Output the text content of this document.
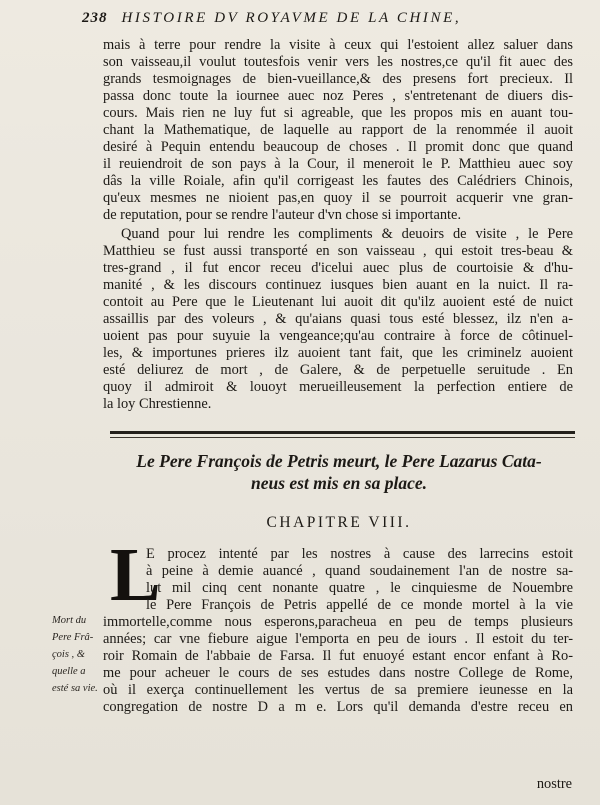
238 HISTOIRE DV ROYAVME DE LA CHINE,
mais à terre pour rendre la visite à ceux qui l'estoient allez saluer dans
son vaisseau,il voulut toutesfois venir vers les nostres,ce qu'il fit auec des
grands tesmoignages de bien-vueillance,& des presens fort precieux. Il
passa donc toute la iournee auec noz Peres , s'entretenant de diuers dis-
cours. Mais rien ne luy fut si agreable, que les propos mis en auant tou-
chant la Mathematique, de laquelle au rapport de la renommée il auoit
desiré à Pequin entendu beaucoup de choses . Il promit donc que quand
il reuiendroit de son pays à la Cour, il meneroit le P. Matthieu auec soy
dâs la ville Roiale, afin qu'il corrigeast les fautes des Calédriers Chinois,
qu'eux mesmes ne nioient pas,en quoy il se pourroit acquerir vne gran-
de reputation, pour se rendre l'auteur d'vn chose si importante.
Quand pour lui rendre les compliments & deuoirs de visite , le Pere
Matthieu se fust aussi transporté en son vaisseau , qui estoit tres-beau &
tres-grand , il fut encor receu d'icelui auec plus de courtoisie & d'hu-
manité , & les discours continuez iusques bien auant en la nuict. Il ra-
contoit au Pere que le Lieutenant lui auoit dit qu'ilz auoient esté de nuict
assaillis par des voleurs , & qu'aians quasi tous esté blessez, ilz n'en a-
uoient pas pour suyuie la vengeance;qu'au contraire à force de côtinuel-
les, & importunes prieres ilz auoient tant fait, que les criminelz auoient
esté deliurez de mort , de Galere, & de perpetuelle seruitude . En
quoy il admiroit & louoyt merueilleusement la perfection entiere de
la loy Chrestienne.
Le Pere François de Petris meurt, le Pere Lazarus Cata-
neus est mis en sa place.
CHAPITRE VIII.
L
E procez intenté par les nostres à cause des larrecins estoit
à peine à demie auancé , quand soudainement l'an de nostre sa-
lut mil cinq cent nonante quatre , le cinquiesme de Nouembre
le Pere François de Petris appellé de ce monde mortel à la vie
immortelle,comme nous esperons,paracheua en peu de temps plusieurs
années; car vne fiebure aigue l'emporta en peu de iours . Il estoit du ter-
roir Romain de l'abbaie de Farsa. Il fut enuoyé estant encor enfant à Ro-
me pour acheuer le cours de ses estudes dans nostre College de Rome,
où il exerça continuellement les vertus de sa premiere ieunesse en la
congregation de nostre D a m e. Lors qu'il demanda d'estre receu en
Mort du
Pere Frâ-
çois , &
quelle a
esté sa vie.
nostre
